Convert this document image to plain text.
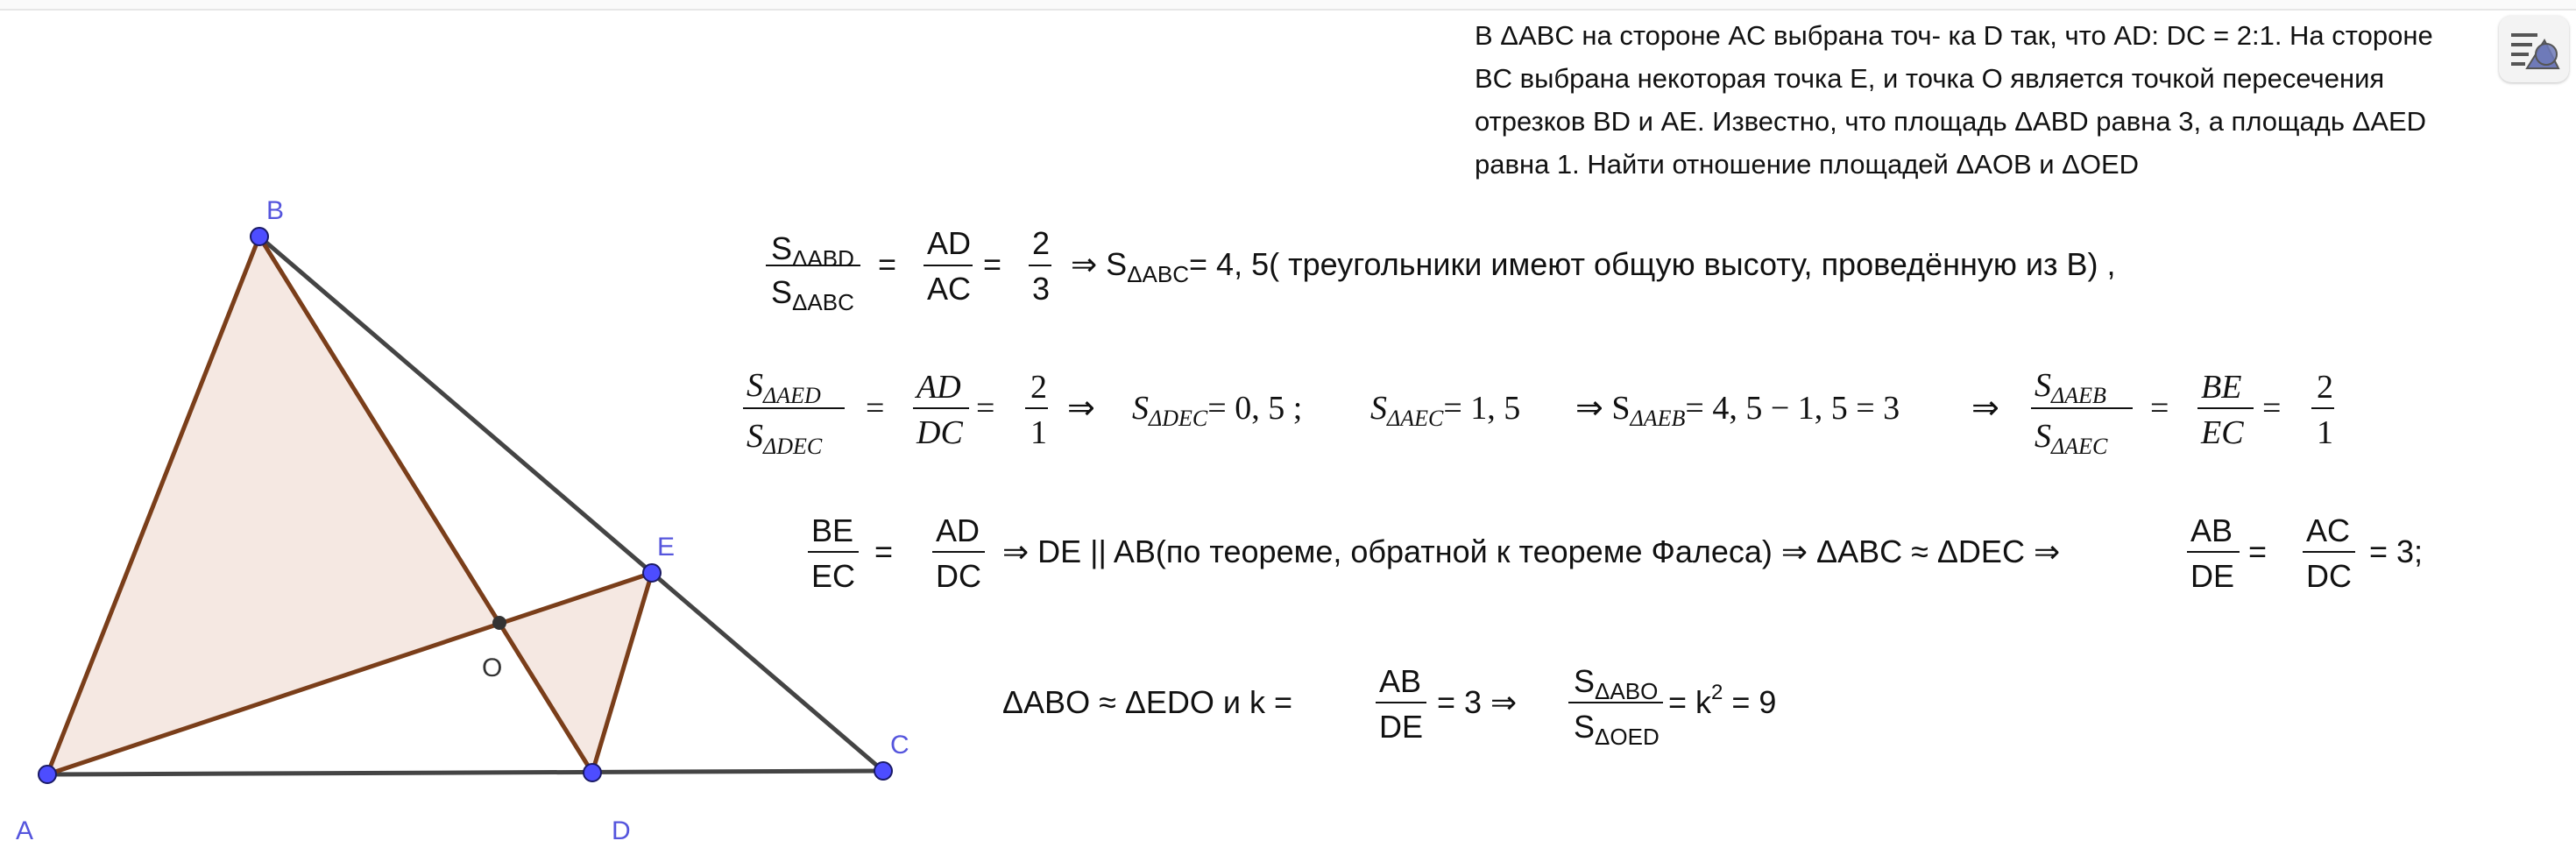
В ΔABC на стороне AC выбрана точ- ка D так, что AD: DC = 2:1. На стороне
BC выбрана некоторая точка E, и точка O является точкой пересечения
отрезков BD и AE. Известно, что площадь ΔABD равна 3, а площадь ΔAED
равна 1. Найти отношение площадей ΔAOB и ΔOED
A
B
C
D
E
O
$S_{\Delta ABD}$
$S_{\Delta ABC}$
=
AD
AC
=
2
3
⇒ $S_{\Delta ABC}= 4$, 5( треугольники имеют общую высоту, проведённую из B) ,
$S_{\Delta AED}$
$S_{\Delta DEC}$
=
AD
DC
=
2
1
⇒ $S_{\Delta DEC}= 0$, 5 ; $S_{\Delta AEC}= 1$, 5 ⇒ $S_{\Delta AEB}= 4$, 5 − 1, 5 = 3 ⇒
$S_{\Delta AEB}$
$S_{\Delta AEC}$
=
BE
EC
=
2
1
BE
EC
=
AD
DC
⇒ DE || AB(по теореме, обратной к теореме Фалеса) ⇒ ΔABC ≈ ΔDEC ⇒
AB
DE
=
AC
DC
= 3;
ΔABO ≈ ΔEDO и k =
AB
DE
= 3 ⇒
$S_{\Delta ABO}$
$S_{\Delta OED}$
= $k^2 = 9$
